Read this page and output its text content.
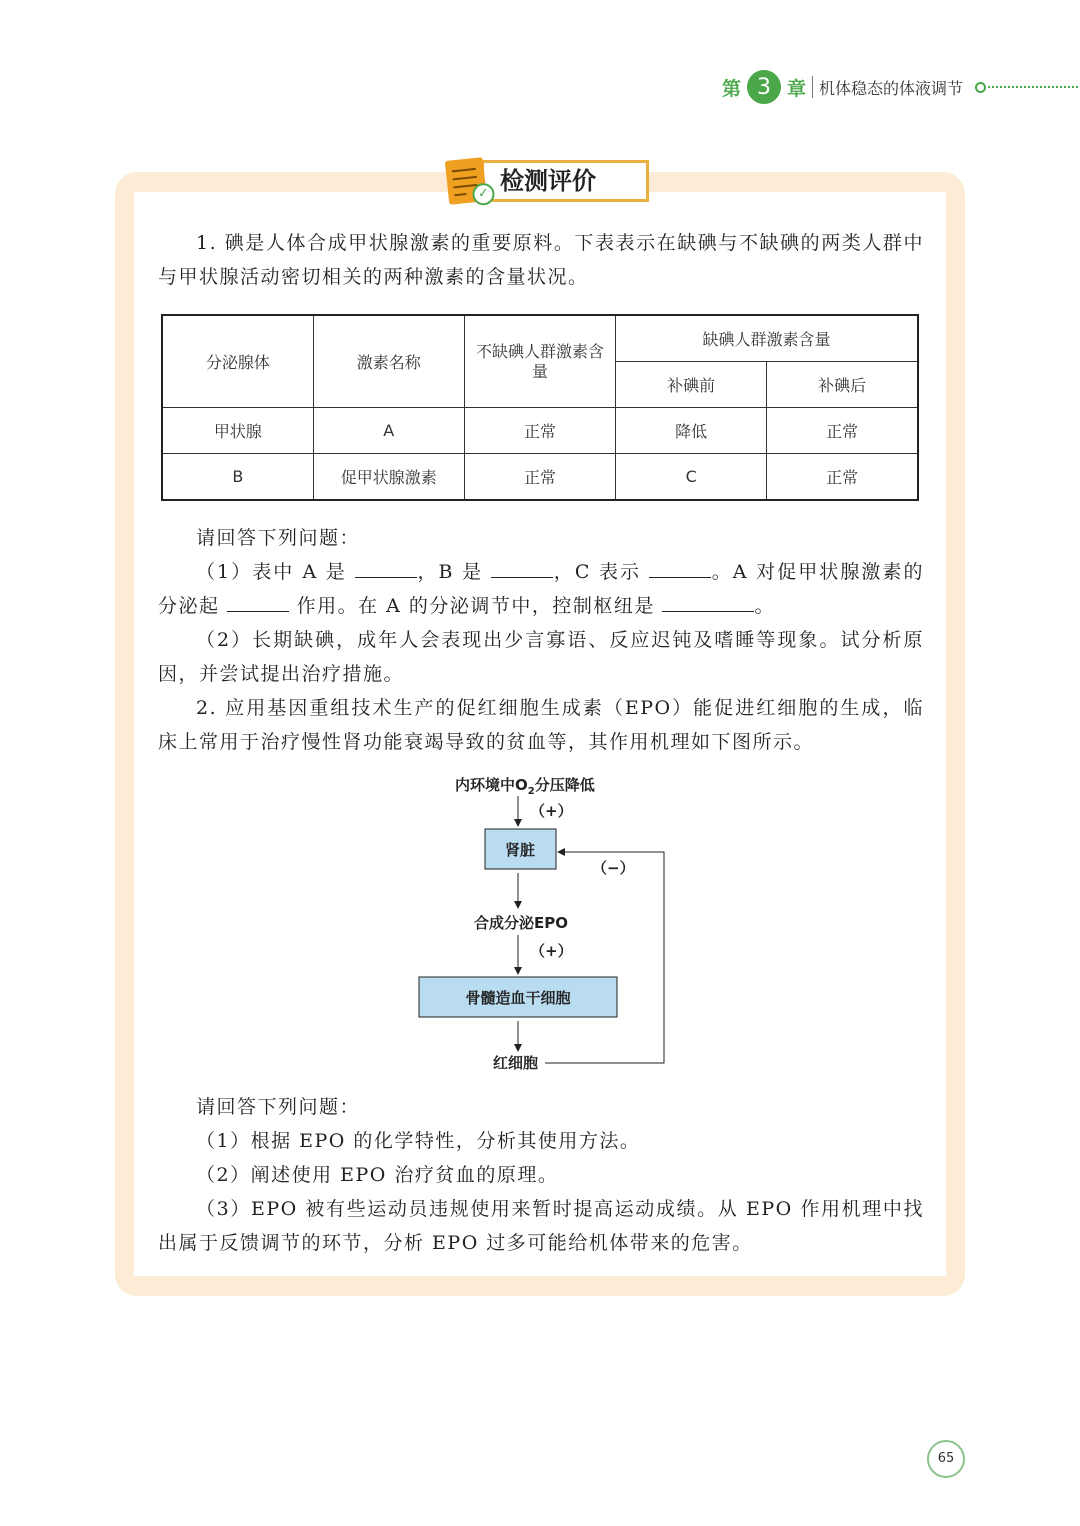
第 3 章 机体稳态的体液调节
✓ 检测评价
1. 碘是人体合成甲状腺激素的重要原料。下表表示在缺碘与不缺碘的两类人群中与甲状腺活动密切相关的两种激素的含量状况。
分泌腺体	激素名称	不缺碘人群激素含量	缺碘人群激素含量	
			补碘前	补碘后
甲状腺	A	正常	降低	正常
B	促甲状腺激素	正常	C	正常
请回答下列问题：
（1）表中 A 是	，B 是	，C 表示	。A 对促甲状腺激素的分泌起	作用。在 A 的分泌调节中，控制枢纽是	。
（2）长期缺碘，成年人会表现出少言寡语、反应迟钝及嗜睡等现象。试分析原因，并尝试提出治疗措施。
2. 应用基因重组技术生产的促红细胞生成素（EPO）能促进红细胞的生成，临床上常用于治疗慢性肾功能衰竭导致的贫血等，其作用机理如下图所示。
内环境中$O_2$分压降低
（+）
肾脏
（−）
合成分泌EPO
（+）
骨髓造血干细胞
红细胞
请回答下列问题：
（1）根据 EPO 的化学特性，分析其使用方法。
（2）阐述使用 EPO 治疗贫血的原理。
（3）EPO 被有些运动员违规使用来暂时提高运动成绩。从 EPO 作用机理中找出属于反馈调节的环节，分析 EPO 过多可能给机体带来的危害。
65
